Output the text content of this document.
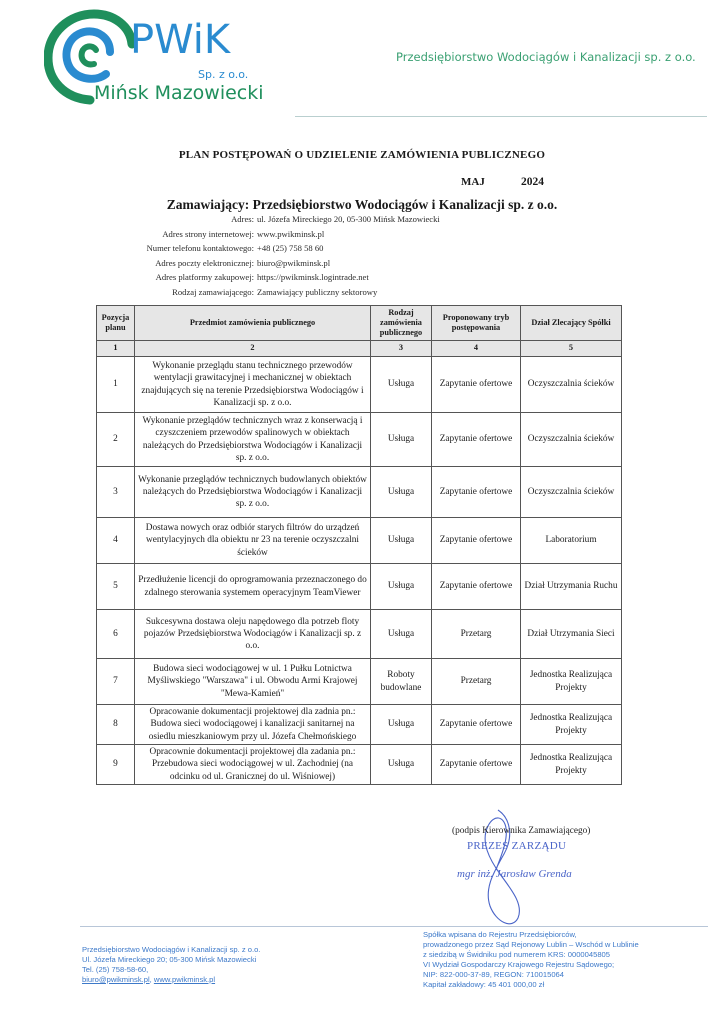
PWiK
Sp. z o.o.
Mińsk Mazowiecki
Przedsiębiorstwo Wodociągów i Kanalizacji sp. z o.o.
PLAN POSTĘPOWAŃ O UDZIELENIE ZAMÓWIENIA PUBLICZNEGO
MAJ	2024
Zamawiający: Przedsiębiorstwo Wodociągów i Kanalizacji sp. z o.o.
Adres: ul. Józefa Mireckiego 20, 05-300 Mińsk Mazowiecki
Adres strony internetowej: www.pwikminsk.pl
Numer telefonu kontaktowego: +48 (25) 758 58 60
Adres poczty elektronicznej: biuro@pwikminsk.pl
Adres platformy zakupowej: https://pwikminsk.logintrade.net
Rodzaj zamawiającego: Zamawiający publiczny sektorowy
Pozycja planu	Przedmiot zamówienia publicznego	Rodzaj zamówienia publicznego	Proponowany tryb postępowania	Dział Zlecający Spółki
1	2	3	4	5
1	Wykonanie przeglądu stanu technicznego przewodów wentylacji grawitacyjnej i mechanicznej w obiektach znajdujących się na terenie Przedsiębiorstwa Wodociągów i Kanalizacji sp. z o.o.	Usługa	Zapytanie ofertowe	Oczyszczalnia ścieków
2	Wykonanie przeglądów technicznych wraz z konserwacją i czyszczeniem przewodów spalinowych w obiektach należących do Przedsiębiorstwa Wodociągów i Kanalizacji sp. z o.o.	Usługa	Zapytanie ofertowe	Oczyszczalnia ścieków
3	Wykonanie przeglądów technicznych budowlanych obiektów należących do Przedsiębiorstwa Wodociągów i Kanalizacji sp. z o.o.	Usługa	Zapytanie ofertowe	Oczyszczalnia ścieków
4	Dostawa nowych oraz odbiór starych filtrów do urządzeń wentylacyjnych dla obiektu nr 23 na terenie oczyszczalni ścieków	Usługa	Zapytanie ofertowe	Laboratorium
5	Przedłużenie licencji do oprogramowania przeznaczonego do zdalnego sterowania systemem operacyjnym TeamViewer	Usługa	Zapytanie ofertowe	Dział Utrzymania Ruchu
6	Sukcesywna dostawa oleju napędowego dla potrzeb floty pojazów Przedsiębiorstwa Wodociągów i Kanalizacji sp. z o.o.	Usługa	Przetarg	Dział Utrzymania Sieci
7	Budowa sieci wodociągowej w ul. 1 Pułku Lotnictwa Myśliwskiego "Warszawa" i ul. Obwodu Armi Krajowej "Mewa-Kamień"	Roboty budowlane	Przetarg	Jednostka Realizująca Projekty
8	Opracowanie dokumentacji projektowej dla zadnia pn.: Budowa sieci wodociągowej i kanalizacji sanitarnej na osiedlu mieszkaniowym przy ul. Józefa Chełmońskiego	Usługa	Zapytanie ofertowe	Jednostka Realizująca Projekty
9	Opracownie dokumentacji projektowej dla zadania pn.: Przebudowa sieci wodociągowej w ul. Zachodniej (na odcinku od ul. Granicznej do ul. Wiśniowej)	Usługa	Zapytanie ofertowe	Jednostka Realizująca Projekty
(podpis Kierownika Zamawiającego)
PREZES ZARZĄDU
mgr inż. Jarosław Grenda
Przedsiębiorstwo Wodociągów i Kanalizacji sp. z o.o.
Ul. Józefa Mireckiego 20; 05-300 Mińsk Mazowiecki
Tel. (25) 758-58-60,
biuro@pwikminsk.pl, www.pwikminsk.pl
Spółka wpisana do Rejestru Przedsiębiorców,
prowadzonego przez Sąd Rejonowy Lublin – Wschód w Lublinie
z siedzibą w Świdniku pod numerem KRS: 0000045805
VI Wydział Gospodarczy Krajowego Rejestru Sądowego;
NIP: 822-000-37-89, REGON: 710015064
Kapitał zakładowy: 45 401 000,00 zł
